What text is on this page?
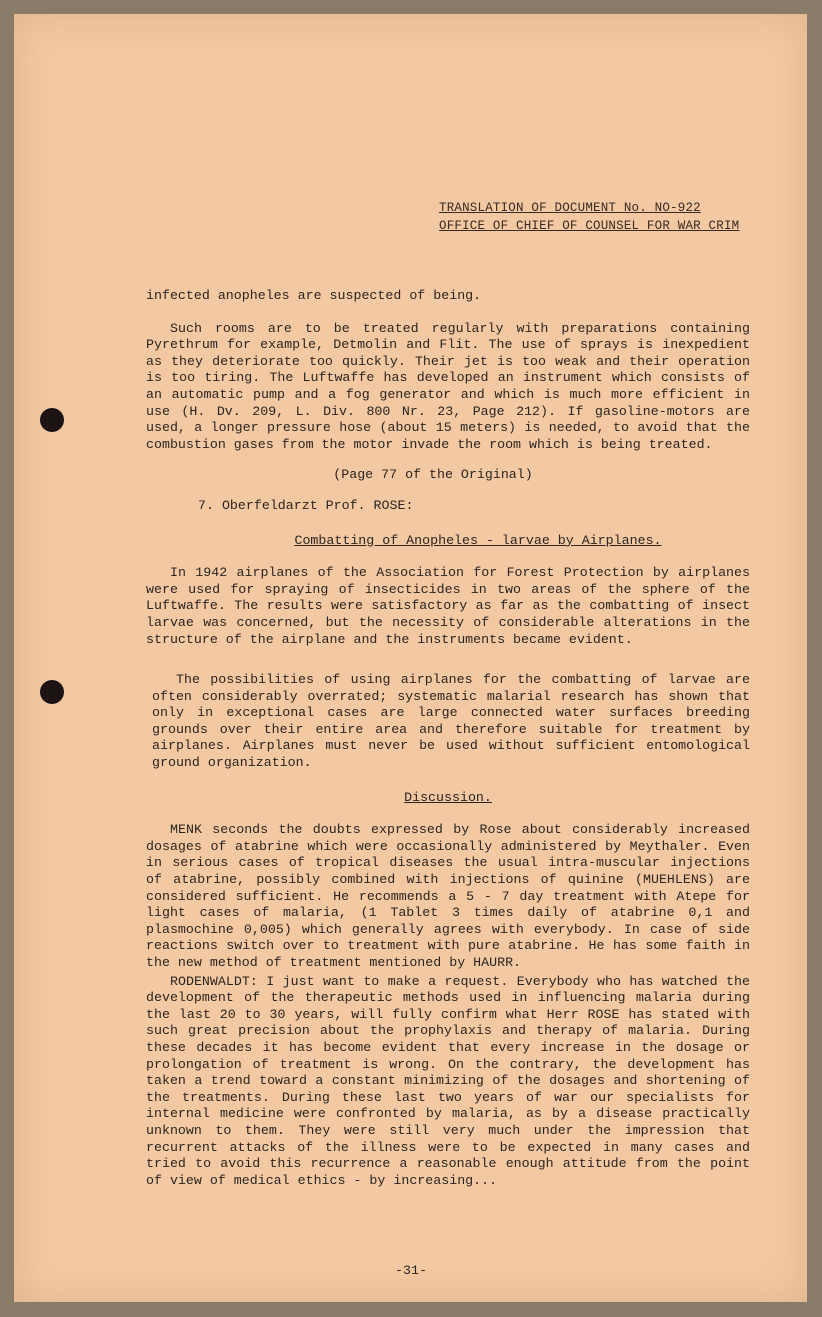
TRANSLATION OF DOCUMENT No. NO-922
OFFICE OF CHIEF OF COUNSEL FOR WAR CRIM

infected anopheles are suspected of being.

Such rooms are to be treated regularly with preparations containing Pyrethrum for example, Detmolin and Flit. The use of sprays is inexpedient as they deteriorate too quickly. Their jet is too weak and their operation is too tiring. The Luftwaffe has developed an instrument which consists of an automatic pump and a fog generator and which is much more efficient in use (H. Dv. 209, L. Div. 800 Nr. 23, Page 212). If gasoline-motors are used, a longer pressure hose (about 15 meters) is needed, to avoid that the combustion gases from the motor invade the room which is being treated.

(Page 77 of the Original)

7. Oberfeldarzt Prof. ROSE:

Combatting of Anopheles - larvae by Airplanes.

In 1942 airplanes of the Association for Forest Protection by airplanes were used for spraying of insecticides in two areas of the sphere of the Luftwaffe. The results were satisfactory as far as the combatting of insect larvae was concerned, but the necessity of considerable alterations in the structure of the airplane and the instruments became evident.

The possibilities of using airplanes for the combatting of larvae are often considerably overrated; systematic malarial research has shown that only in exceptional cases are large connected water surfaces breeding grounds over their entire area and therefore suitable for treatment by airplanes. Airplanes must never be used without sufficient entomological ground organization.

Discussion.

MENK seconds the doubts expressed by Rose about considerably increased dosages of atabrine which were occasionally administered by Meythaler. Even in serious cases of tropical diseases the usual intra-muscular injections of atabrine, possibly combined with injections of quinine (MUEHLENS) are considered sufficient. He recommends a 5 - 7 day treatment with Atepe for light cases of malaria, (1 Tablet 3 times daily of atabrine 0,1 and plasmochine 0,005) which generally agrees with everybody. In case of side reactions switch over to treatment with pure atabrine. He has some faith in the new method of treatment mentioned by HAURR.

RODENWALDT: I just want to make a request. Everybody who has watched the development of the therapeutic methods used in influencing malaria during the last 20 to 30 years, will fully confirm what Herr ROSE has stated with such great precision about the prophylaxis and therapy of malaria. During these decades it has become evident that every increase in the dosage or prolongation of treatment is wrong. On the contrary, the development has taken a trend toward a constant minimizing of the dosages and shortening of the treatments. During these last two years of war our specialists for internal medicine were confronted by malaria, as by a disease practically unknown to them. They were still very much under the impression that recurrent attacks of the illness were to be expected in many cases and tried to avoid this recurrence a reasonable enough attitude from the point of view of medical ethics - by increasing...

-31-
